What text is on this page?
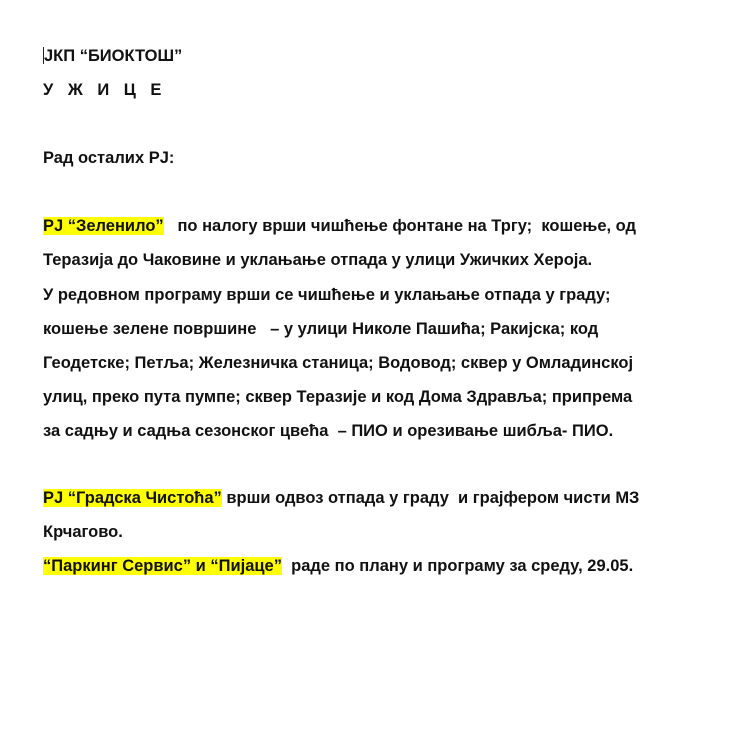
ЈКП “БИОКТОШ”
У Ж И Ц Е
Рад осталих РЈ:
РЈ “Зеленило”   по налогу врши чишћење фонтане на Тргу;  кошење, од
Теразија до Чаковине и уклањање отпада у улици Ужичких Хероја.
У редовном програму врши се чишћење и уклањање отпада у граду;
кошење зелене површине   – у улици Николе Пашића; Ракијска; код
Геодетске; Петља; Железничка станица; Водовод; сквер у Омладинској
улиц, преко пута пумпе; сквер Теразије и код Дома Здравља; припрема
за садњу и садња сезонског цвећа  – ПИО и орезивање шибља- ПИО.
РЈ “Градска Чистоћа” врши одвоз отпада у граду  и грајфером чисти МЗ
Крчагово.
“Паркинг Сервис” и “Пијаце”  раде по плану и програму за среду, 29.05.
